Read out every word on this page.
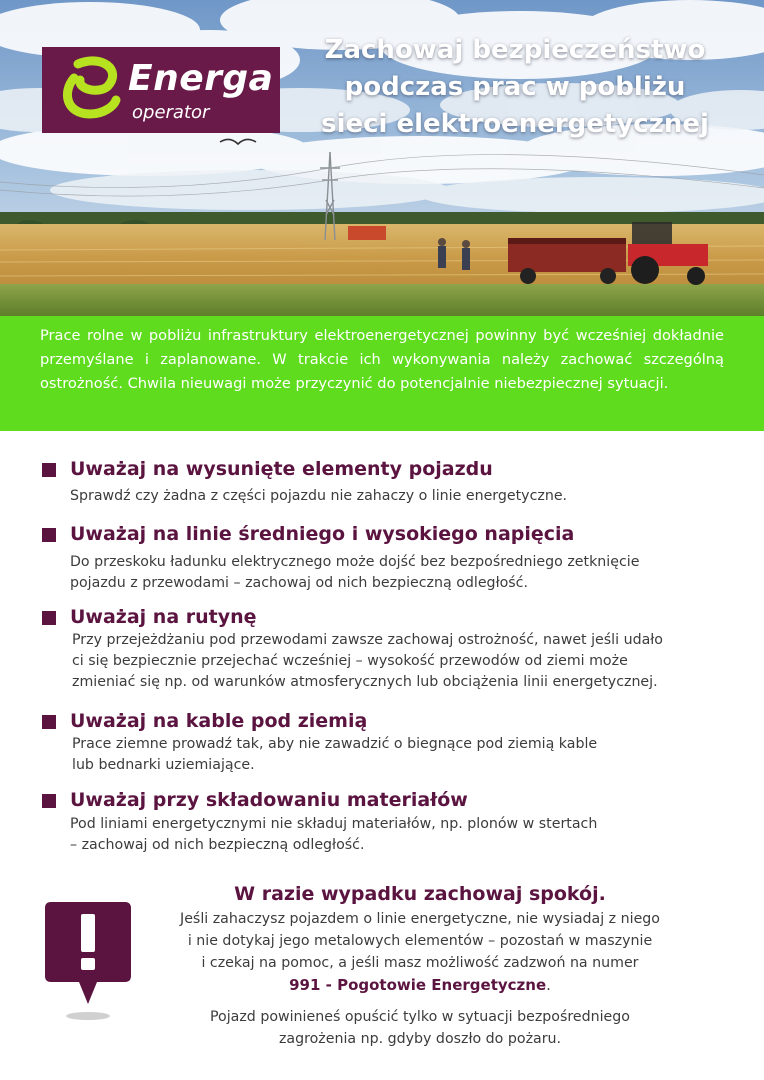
Energa
operator
Zachowaj bezpieczeństwo
podczas prac w pobliżu
sieci elektroenergetycznej

Prace rolne w pobliżu infrastruktury elektroenergetycznej powinny być wcześniej dokładnie przemyślane i zaplanowane. W trakcie ich wykonywania należy zachować szczególną ostrożność. Chwila nieuwagi może przyczynić do potencjalnie niebezpiecznej sytuacji.

Uważaj na wysunięte elementy pojazdu

Sprawdź czy żadna z części pojazdu nie zahaczy o linie energetyczne.

Uważaj na linie średniego i wysokiego napięcia

Do przeskoku ładunku elektrycznego może dojść bez bezpośredniego zetknięcie
pojazdu z przewodami – zachowaj od nich bezpieczną odległość.

Uważaj na rutynę

Przy przejeżdżaniu pod przewodami zawsze zachowaj ostrożność, nawet jeśli udało
ci się bezpiecznie przejechać wcześniej – wysokość przewodów od ziemi może
zmieniać się np. od warunków atmosferycznych lub obciążenia linii energetycznej.

Uważaj na kable pod ziemią

Prace ziemne prowadź tak, aby nie zawadzić o biegnące pod ziemią kable
lub bednarki uziemiające.

Uważaj przy składowaniu materiałów

Pod liniami energetycznymi nie składuj materiałów, np. plonów w stertach
– zachowaj od nich bezpieczną odległość.

W razie wypadku zachowaj spokój.

Jeśli zahaczysz pojazdem o linie energetyczne, nie wysiadaj z niego
i nie dotykaj jego metalowych elementów – pozostań w maszynie
i czekaj na pomoc, a jeśli masz możliwość zadzwoń na numer

991 - Pogotowie Energetyczne.

Pojazd powinieneś opuścić tylko w sytuacji bezpośredniego
zagrożenia np. gdyby doszło do pożaru.
